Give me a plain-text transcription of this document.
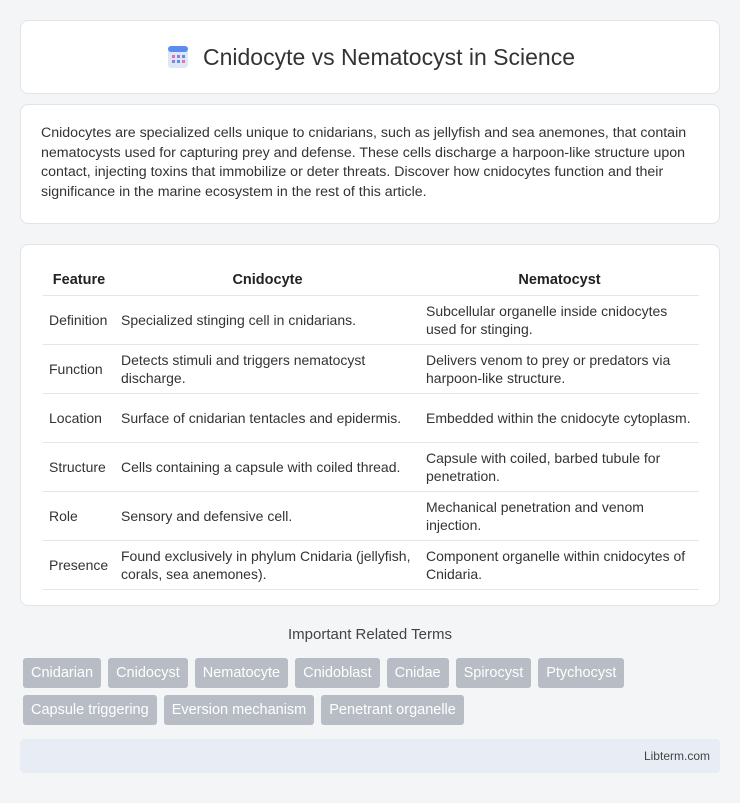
Cnidocyte vs Nematocyst in Science

Cnidocytes are specialized cells unique to cnidarians, such as jellyfish and sea anemones, that contain nematocysts used for capturing prey and defense. These cells discharge a harpoon-like structure upon contact, injecting toxins that immobilize or deter threats. Discover how cnidocytes function and their significance in the marine ecosystem in the rest of this article.

Feature	Cnidocyte	Nematocyst
Definition	Specialized stinging cell in cnidarians.	Subcellular organelle inside cnidocytes used for stinging.
Function	Detects stimuli and triggers nematocyst discharge.	Delivers venom to prey or predators via harpoon-like structure.
Location	Surface of cnidarian tentacles and epidermis.	Embedded within the cnidocyte cytoplasm.
Structure	Cells containing a capsule with coiled thread.	Capsule with coiled, barbed tubule for penetration.
Role	Sensory and defensive cell.	Mechanical penetration and venom injection.
Presence	Found exclusively in phylum Cnidaria (jellyfish, corals, sea anemones).	Component organelle within cnidocytes of Cnidaria.
Important Related Terms
Cnidarian	Cnidocyst	Nematocyte	Cnidoblast	Cnidae	Spirocyst	Ptychocyst
Capsule triggering	Eversion mechanism	Penetrant organelle
Libterm.com
